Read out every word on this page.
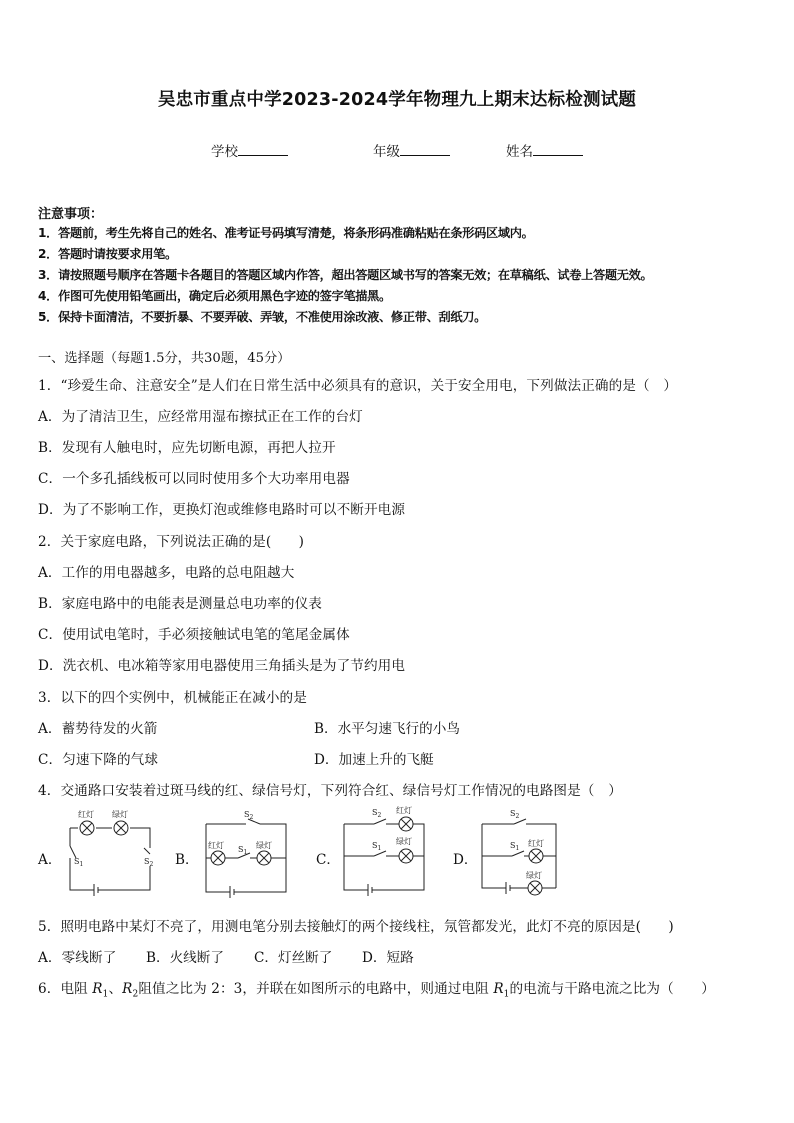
吴忠市重点中学2023-2024学年物理九上期末达标检测试题
学校	年级	姓名
注意事项：
1．答题前，考生先将自己的姓名、准考证号码填写清楚，将条形码准确粘贴在条形码区域内。
2．答题时请按要求用笔。
3．请按照题号顺序在答题卡各题目的答题区域内作答，超出答题区域书写的答案无效；在草稿纸、试卷上答题无效。
4．作图可先使用铅笔画出，确定后必须用黑色字迹的签字笔描黑。
5．保持卡面清洁，不要折暴、不要弄破、弄皱，不准使用涂改液、修正带、刮纸刀。
一、选择题（每题1.5分，共30题，45分）
1．“珍爱生命、注意安全”是人们在日常生活中必须具有的意识，关于安全用电，下列做法正确的是（　）
A．为了清洁卫生，应经常用湿布擦拭正在工作的台灯
B．发现有人触电时，应先切断电源，再把人拉开
C．一个多孔插线板可以同时使用多个大功率用电器
D．为了不影响工作，更换灯泡或维修电路时可以不断开电源
2．关于家庭电路，下列说法正确的是(　　)
A．工作的用电器越多，电路的总电阻越大
B．家庭电路中的电能表是测量总电功率的仪表
C．使用试电笔时，手必须接触试电笔的笔尾金属体
D．洗衣机、电冰箱等家用电器使用三角插头是为了节约用电
3．以下的四个实例中，机械能正在减小的是
A．蓄势待发的火箭	B．水平匀速飞行的小鸟
C．匀速下降的气球	D．加速上升的飞艇
4．交通路口安装着过斑马线的红、绿信号灯，下列符合红、绿信号灯工作情况的电路图是（　）
A．	B．	C．	D．
红灯 绿灯
$S_1$	$S_2$
$S_2$
红灯	绿灯
$S_1$
$S_2$
红灯
$S_1$
绿灯
$S_2$
$S_1$
红灯
绿灯
5．照明电路中某灯不亮了，用测电笔分别去接触灯的两个接线柱，氖管都发光，此灯不亮的原因是(　　)
A．零线断了 B．火线断了 C．灯丝断了 D．短路
6．电阻 $R_1$、$R_2$阻值之比为 2：3，并联在如图所示的电路中，则通过电阻 $R_1$的电流与干路电流之比为（　　）
